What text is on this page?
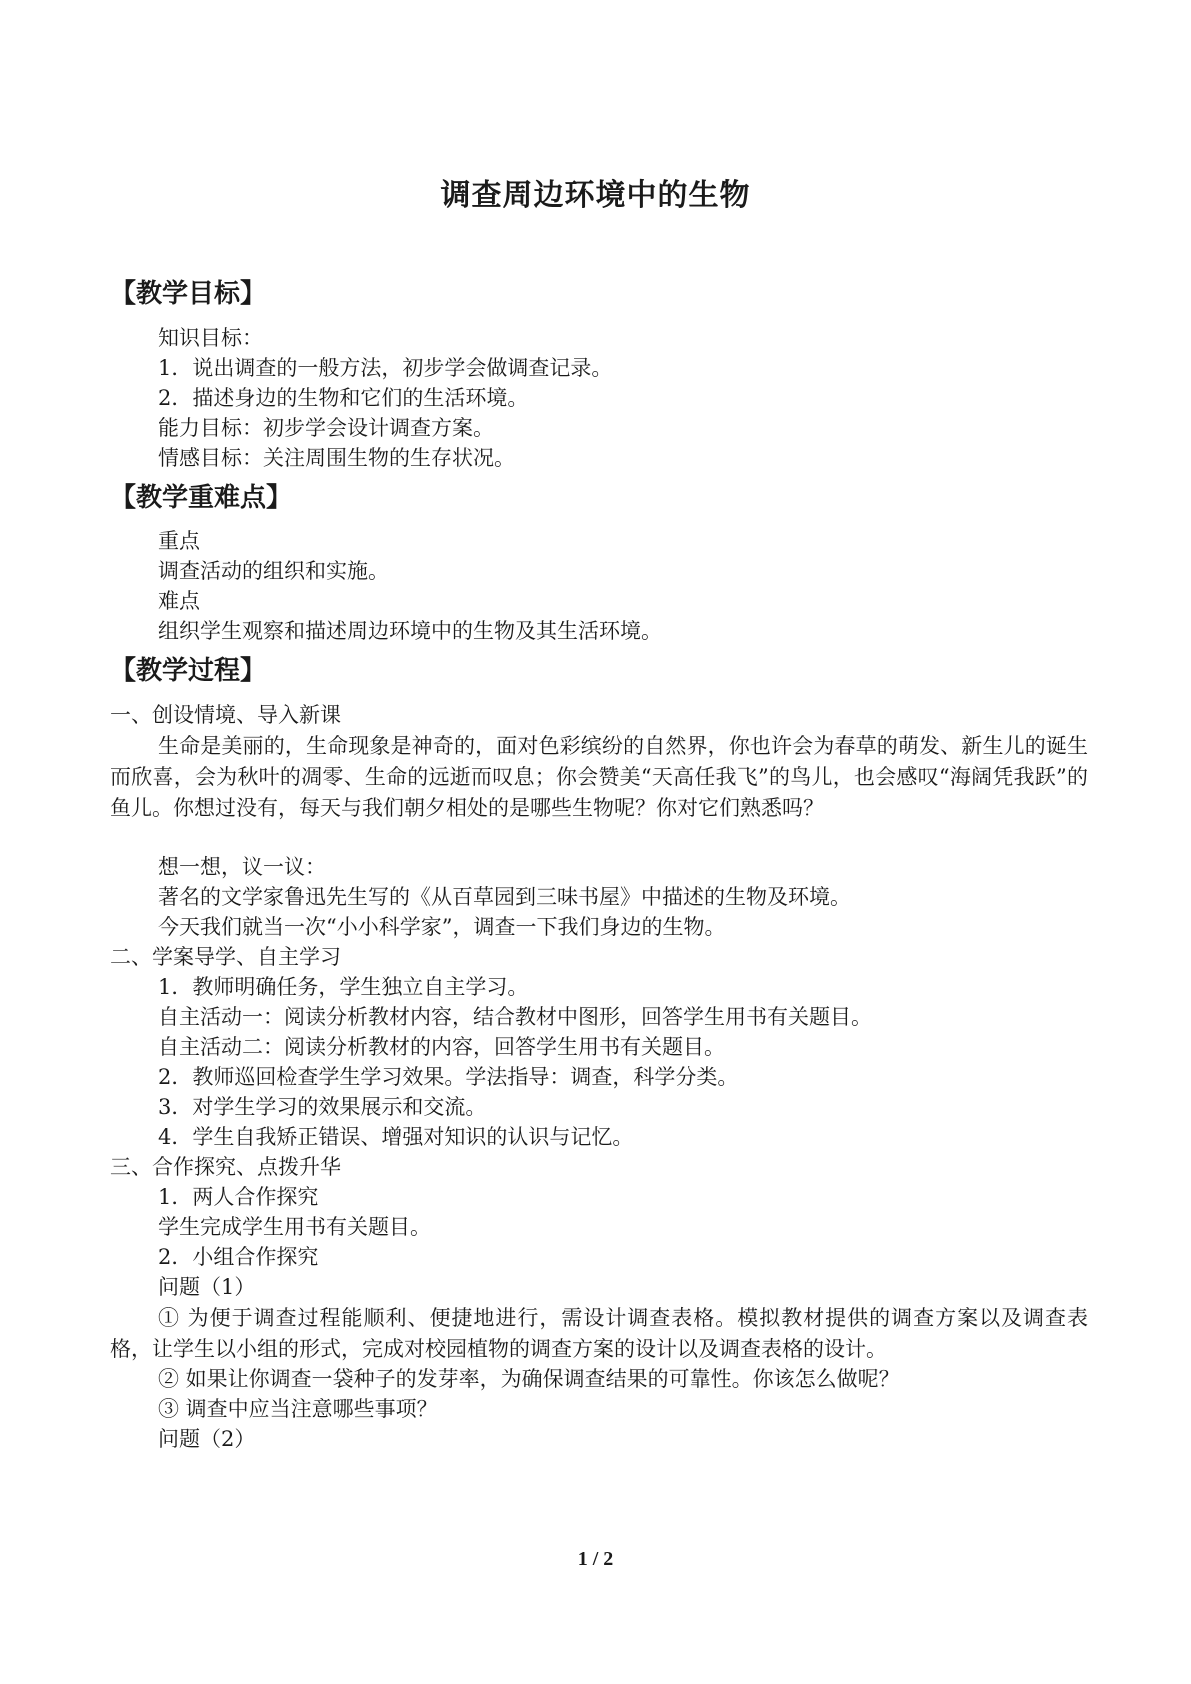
调查周边环境中的生物
【教学目标】
知识目标：
1．说出调查的一般方法，初步学会做调查记录。
2．描述身边的生物和它们的生活环境。
能力目标：初步学会设计调查方案。
情感目标：关注周围生物的生存状况。
【教学重难点】
重点
调查活动的组织和实施。
难点
组织学生观察和描述周边环境中的生物及其生活环境。
【教学过程】
一、创设情境、导入新课
生命是美丽的，生命现象是神奇的，面对色彩缤纷的自然界，你也许会为春草的萌发、新生儿的诞生而欣喜，会为秋叶的凋零、生命的远逝而叹息；你会赞美“天高任我飞”的鸟儿，也会感叹“海阔凭我跃”的鱼儿。你想过没有，每天与我们朝夕相处的是哪些生物呢？你对它们熟悉吗？
想一想，议一议：
著名的文学家鲁迅先生写的《从百草园到三味书屋》中描述的生物及环境。
今天我们就当一次“小小科学家”，调查一下我们身边的生物。
二、学案导学、自主学习
1．教师明确任务，学生独立自主学习。
自主活动一：阅读分析教材内容，结合教材中图形，回答学生用书有关题目。
自主活动二：阅读分析教材的内容，回答学生用书有关题目。
2．教师巡回检查学生学习效果。学法指导：调查，科学分类。
3．对学生学习的效果展示和交流。
4．学生自我矫正错误、增强对知识的认识与记忆。
三、合作探究、点拨升华
1．两人合作探究
学生完成学生用书有关题目。
2．小组合作探究
问题（1）
① 为便于调查过程能顺利、便捷地进行，需设计调查表格。模拟教材提供的调查方案以及调查表格，让学生以小组的形式，完成对校园植物的调查方案的设计以及调查表格的设计。
② 如果让你调查一袋种子的发芽率，为确保调查结果的可靠性。你该怎么做呢？
③ 调查中应当注意哪些事项？
问题（2）
1 / 2
